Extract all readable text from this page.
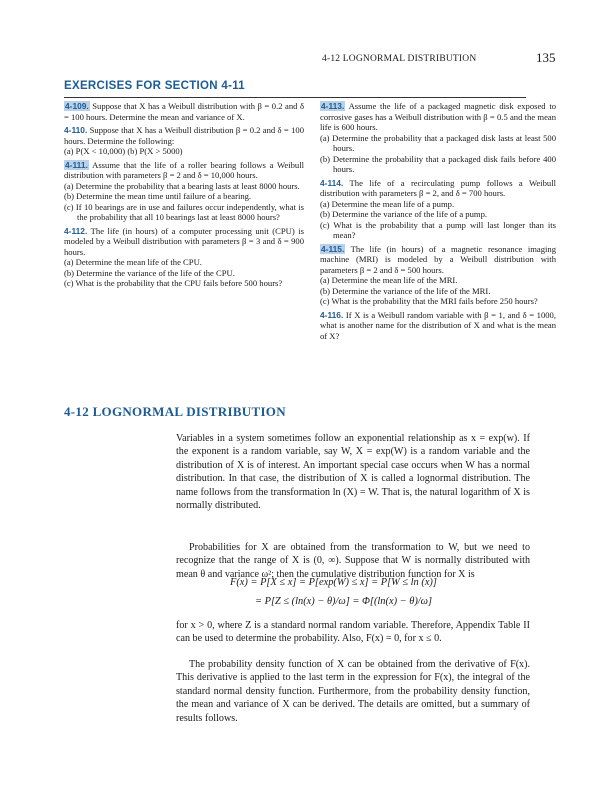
4-12 LOGNORMAL DISTRIBUTION	135
EXERCISES FOR SECTION 4-11
4-109. Suppose that X has a Weibull distribution with β = 0.2 and δ = 100 hours. Determine the mean and variance of X.
4-110. Suppose that X has a Weibull distribution β = 0.2 and δ = 100 hours. Determine the following:
(a) P(X < 10,000) (b) P(X > 5000)
4-111. Assume that the life of a roller bearing follows a Weibull distribution with parameters β = 2 and δ = 10,000 hours.
(a) Determine the probability that a bearing lasts at least 8000 hours.
(b) Determine the mean time until failure of a bearing.
(c) If 10 bearings are in use and failures occur independently, what is the probability that all 10 bearings last at least 8000 hours?
4-112. The life (in hours) of a computer processing unit (CPU) is modeled by a Weibull distribution with parameters β = 3 and δ = 900 hours.
(a) Determine the mean life of the CPU.
(b) Determine the variance of the life of the CPU.
(c) What is the probability that the CPU fails before 500 hours?
4-113. Assume the life of a packaged magnetic disk exposed to corrosive gases has a Weibull distribution with β = 0.5 and the mean life is 600 hours.
(a) Determine the probability that a packaged disk lasts at least 500 hours.
(b) Determine the probability that a packaged disk fails before 400 hours.
4-114. The life of a recirculating pump follows a Weibull distribution with parameters β = 2, and δ = 700 hours.
(a) Determine the mean life of a pump.
(b) Determine the variance of the life of a pump.
(c) What is the probability that a pump will last longer than its mean?
4-115. The life (in hours) of a magnetic resonance imaging machine (MRI) is modeled by a Weibull distribution with parameters β = 2 and δ = 500 hours.
(a) Determine the mean life of the MRI.
(b) Determine the variance of the life of the MRI.
(c) What is the probability that the MRI fails before 250 hours?
4-116. If X is a Weibull random variable with β = 1, and δ = 1000, what is another name for the distribution of X and what is the mean of X?
4-12 LOGNORMAL DISTRIBUTION
Variables in a system sometimes follow an exponential relationship as x = exp(w). If the exponent is a random variable, say W, X = exp(W) is a random variable and the distribution of X is of interest. An important special case occurs when W has a normal distribution. In that case, the distribution of X is called a lognormal distribution. The name follows from the transformation ln (X) = W. That is, the natural logarithm of X is normally distributed.
Probabilities for X are obtained from the transformation to W, but we need to recognize that the range of X is (0, ∞). Suppose that W is normally distributed with mean θ and variance ω²; then the cumulative distribution function for X is
F(x) = P[X ≤ x] = P[exp(W) ≤ x] = P[W ≤ ln (x)]
= P[Z ≤ (ln(x) − θ)/ω] = Φ[(ln(x) − θ)/ω]
for x > 0, where Z is a standard normal random variable. Therefore, Appendix Table II can be used to determine the probability. Also, F(x) = 0, for x ≤ 0.
The probability density function of X can be obtained from the derivative of F(x). This derivative is applied to the last term in the expression for F(x), the integral of the standard normal density function. Furthermore, from the probability density function, the mean and variance of X can be derived. The details are omitted, but a summary of results follows.
